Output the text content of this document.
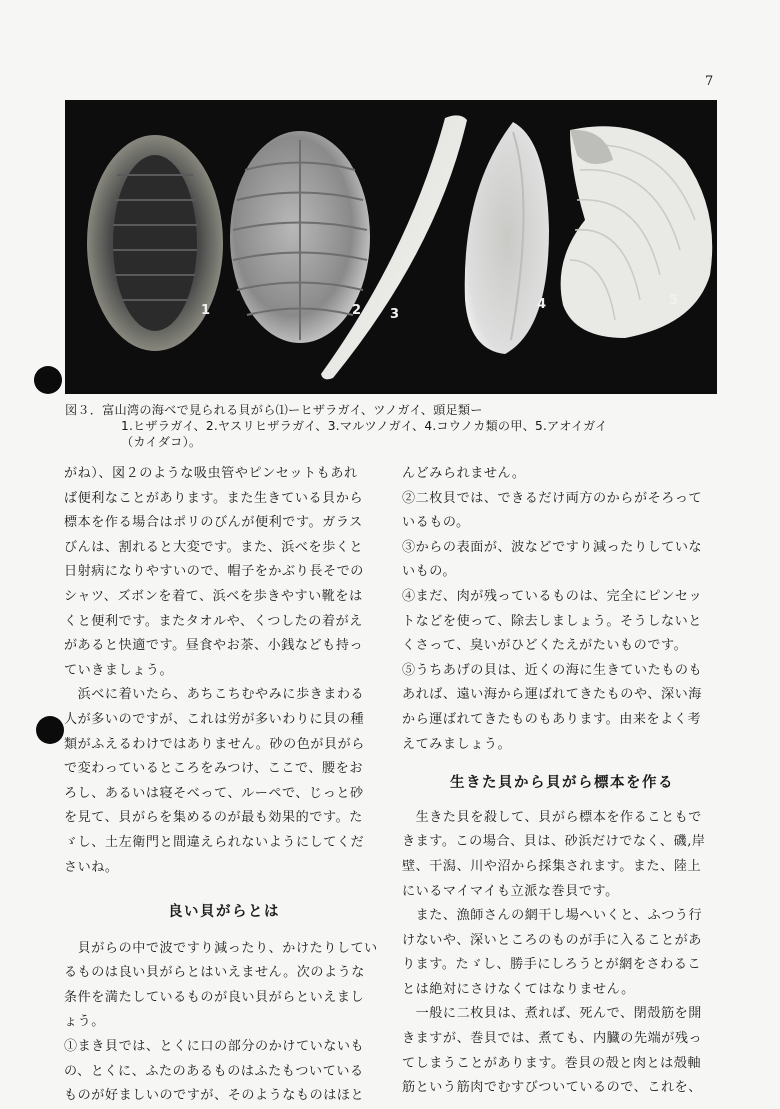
7
1	2 3
4	5
図３．富山湾の海べで見られる貝がら⑴ーヒザラガイ、ツノガイ、頭足類ー
1.ヒザラガイ、2.ヤスリヒザラガイ、3.マルツノガイ、4.コウノカ類の甲、5.アオイガイ
（カイダコ）。
がね）、図２のような吸虫管やピンセットもあれ
ば便利なことがあります。また生きている貝から
標本を作る場合はポリのびんが便利です。ガラス
びんは、割れると大変です。また、浜べを歩くと
日射病になりやすいので、帽子をかぶり長そでの
シャツ、ズボンを着て、浜べを歩きやすい靴をは
くと便利です。またタオルや、くつしたの着がえ
があると快適です。昼食やお茶、小銭なども持っ
ていきましょう。
　浜べに着いたら、あちこちむやみに歩きまわる
人が多いのですが、これは労が多いわりに貝の種
類がふえるわけではありません。砂の色が貝がら
で変わっているところをみつけ、ここで、腰をお
ろし、あるいは寝そべって、ルーペで、じっと砂
を見て、貝がらを集めるのが最も効果的です。た
ゞし、土左衛門と間違えられないようにしてくだ
さいね。
良い貝がらとは
　貝がらの中で波ですり減ったり、かけたりしてい
るものは良い貝がらとはいえません。次のような
条件を満たしているものが良い貝がらといえまし
ょう。
①まき貝では、とくに口の部分のかけていないも
の、とくに、ふたのあるものはふたもついている
ものが好ましいのですが、そのようなものはほと
んどみられません。
②二枚貝では、できるだけ両方のからがそろって
いるもの。
③からの表面が、波などですり減ったりしていな
いもの。
④まだ、肉が残っているものは、完全にピンセッ
トなどを使って、除去しましょう。そうしないと
くさって、臭いがひどくたえがたいものです。
⑤うちあげの貝は、近くの海に生きていたものも
あれば、遠い海から運ばれてきたものや、深い海
から運ばれてきたものもあります。由来をよく考
えてみましょう。
生きた貝から貝がら標本を作る
　生きた貝を殺して、貝がら標本を作ることもで
きます。この場合、貝は、砂浜だけでなく、磯,岸
壁、干潟、川や沼から採集されます。また、陸上
にいるマイマイも立派な巻貝です。
　また、漁師さんの網干し場へいくと、ふつう行
けないや、深いところのものが手に入ることがあ
ります。たゞし、勝手にしろうとが網をさわるこ
とは絶対にさけなくてはなりません。
　一般に二枚貝は、煮れば、死んで、閉殻筋を開
きますが、巻貝では、煮ても、内臓の先端が残っ
てしまうことがあります。巻貝の殻と肉とは殻軸
筋という筋肉でむすびついているので、これを、
